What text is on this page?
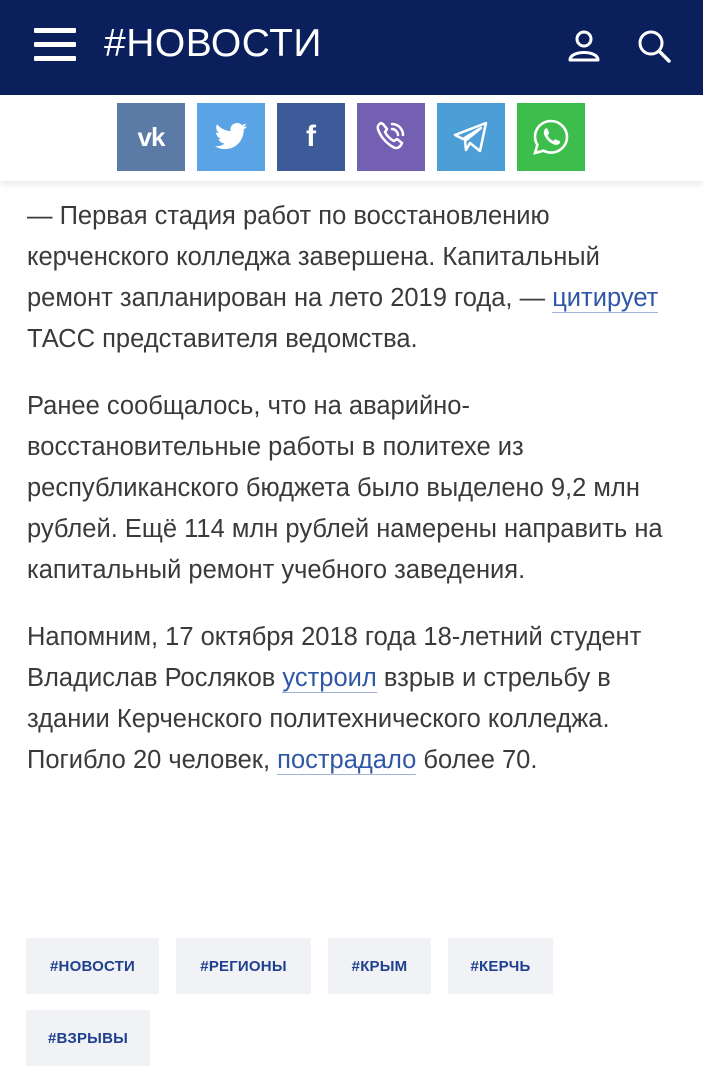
#НОВОСТИ
vk	f

— Первая стадия работ по восстановлению керченского колледжа завершена. Капитальный ремонт запланирован на лето 2019 года, — цитирует ТАСС представителя ведомства.

Ранее сообщалось, что на аварийно-восстановительные работы в политехе из республиканского бюджета было выделено 9,2 млн рублей. Ещё 114 млн рублей намерены направить на капитальный ремонт учебного заведения.

Напомним, 17 октября 2018 года 18-летний студент Владислав Росляков устроил взрыв и стрельбу в здании Керченского политехнического колледжа. Погибло 20 человек, пострадало более 70.

#НОВОСТИ	#РЕГИОНЫ	#КРЫМ	#КЕРЧЬ
#ВЗРЫВЫ
